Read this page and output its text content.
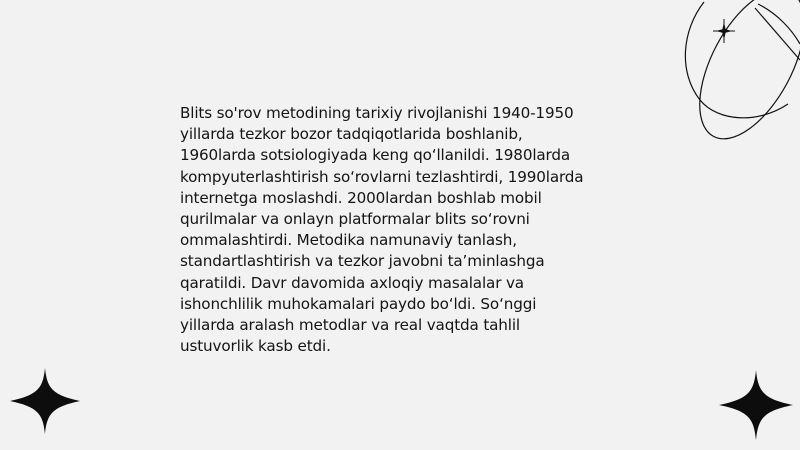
Blits so'rov metodining tarixiy rivojlanishi 1940-1950
yillarda tezkor bozor tadqiqotlarida boshlanib,
1960larda sotsiologiyada keng qo‘llanildi. 1980larda
kompyuterlashtirish so‘rovlarni tezlashtirdi, 1990larda
internetga moslashdi. 2000lardan boshlab mobil
qurilmalar va onlayn platformalar blits so‘rovni
ommalashtirdi. Metodika namunaviy tanlash,
standartlashtirish va tezkor javobni ta’minlashga
qaratildi. Davr davomida axloqiy masalalar va
ishonchlilik muhokamalari paydo bo‘ldi. So‘nggi
yillarda aralash metodlar va real vaqtda tahlil
ustuvorlik kasb etdi.
